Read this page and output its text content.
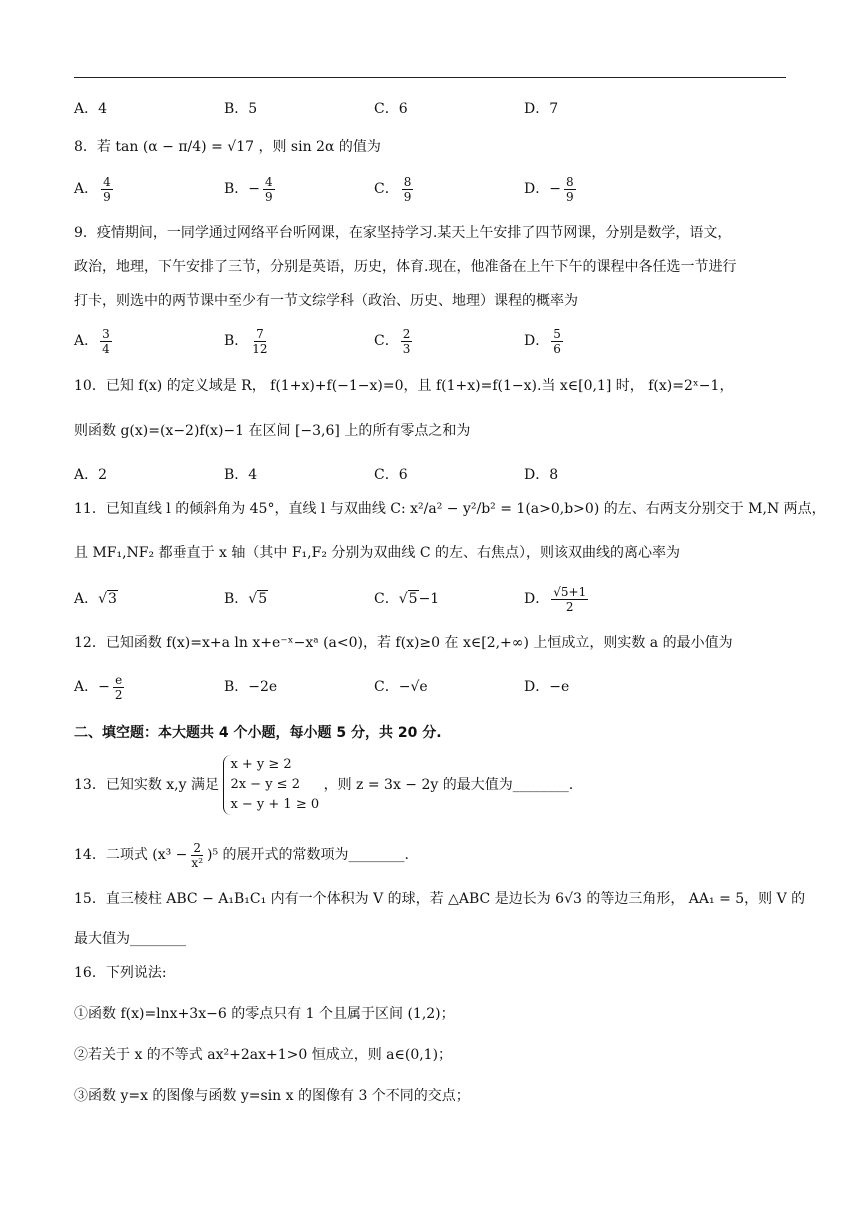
A．4	B．5	C．6	D．7
8．若 tan (α − π/4) = √17 ，则 sin 2α 的值为
A． $\frac{4}{9}$	B．− $\frac{4}{9}$	C． $\frac{8}{9}$	D．− $\frac{8}{9}$
9．疫情期间，一同学通过网络平台听网课，在家坚持学习.某天上午安排了四节网课，分别是数学，语文，
政治，地理，下午安排了三节，分别是英语，历史，体育.现在，他准备在上午下午的课程中各任选一节进行
打卡，则选中的两节课中至少有一节文综学科（政治、历史、地理）课程的概率为
A． $\frac{3}{4}$	B． $\frac{7}{12}$	C． $\frac{2}{3}$	D． $\frac{5}{6}$
10．已知 f(x) 的定义域是 R， f(1+x)+f(−1−x)=0，且 f(1+x)=f(1−x).当 x∈[0,1] 时， f(x)=2ˣ−1，
则函数 g(x)=(x−2)f(x)−1 在区间 [−3,6] 上的所有零点之和为
A．2	B．4	C．6	D．8
11．已知直线 l 的倾斜角为 45°，直线 l 与双曲线 C: x²/a² − y²/b² = 1(a>0,b>0) 的左、右两支分别交于 M,N 两点，
且 MF₁,NF₂ 都垂直于 x 轴（其中 F₁,F₂ 分别为双曲线 C 的左、右焦点），则该双曲线的离心率为
A．√3	B．√5	C．√5−1	D． $\frac{√5+1}{2}$
12．已知函数 f(x)=x+a ln x+e⁻ˣ−xᵃ (a<0)，若 f(x)≥0 在 x∈[2,+∞) 上恒成立，则实数 a 的最小值为
A．− $\frac{e}{2}$	B．−2e	C．−√e	D．−e
二、填空题：本大题共 4 个小题，每小题 5 分，共 20 分.
13．已知实数 x,y 满足
x + y ≥ 2
2x − y ≤ 2
x − y + 1 ≥ 0
，则 z = 3x − 2y 的最大值为________.
14．二项式 $(x^3 - \frac{2}{\text{x²}} )^5$ 的展开式的常数项为________.
15．直三棱柱 ABC − A₁B₁C₁ 内有一个体积为 V 的球，若 △ABC 是边长为 6√3 的等边三角形， AA₁ = 5，则 V 的
最大值为________
16．下列说法:
①函数 f(x)=lnx+3x−6 的零点只有 1 个且属于区间 (1,2)；
②若关于 x 的不等式 ax²+2ax+1>0 恒成立，则 a∈(0,1)；
③函数 y=x 的图像与函数 y=sin x 的图像有 3 个不同的交点；
